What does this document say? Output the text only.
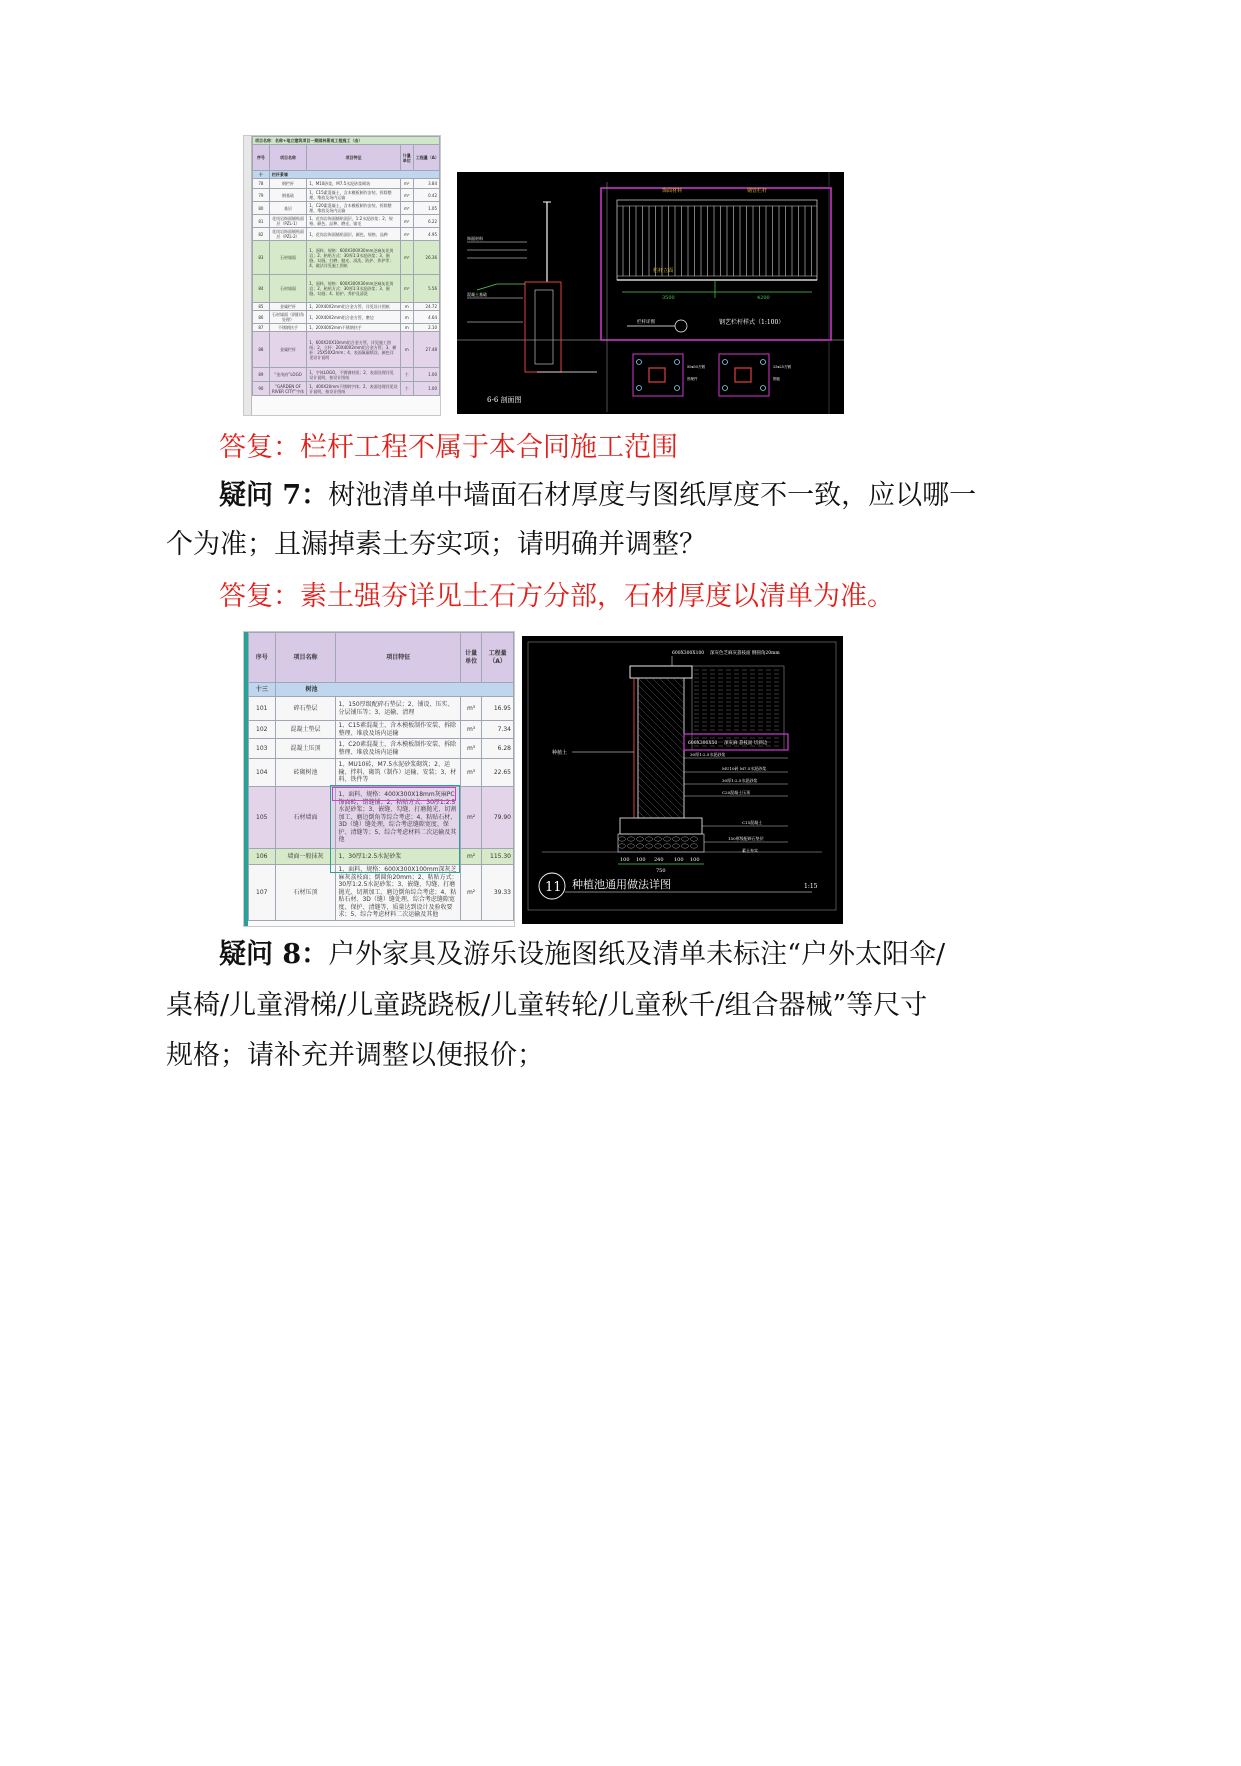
项目名称：名称+地立建筑项目一期园林景观工程施工（由）				
序号	项目名称	项目特征	计量单位	工程量（A）
十	栏杆景墙			
78	钢栏杆	1、M10砂浆，M7.5水泥砂浆砌筑	m²	3.84
79	钢基础	1、C15素混凝土，含木模板制作安装、拆除整理、堆放及场内运输	m³	0.42
80	基层	1、C20素混凝土，含木模板制作安装、拆除整理、堆放及场内运输	m³	1.05
81	花岗岩饰面铺贴面层（PZL-1）	1、花岗岩饰面铺贴面层，1:2水泥砂浆；2、规格、颜色、品种、磨光、锯毛	m²	6.22
82	花岗岩饰面铺贴面层（PZL-2）	1、花岗岩饰面铺贴面层，颜色、规格、品种	m²	4.95
83	石材墙面	1、面料、规格：600X300X30mm芝麻灰花岗岩；2、粘贴方式：30厚1:3水泥砂浆；3、嵌缝、勾缝、打磨、抛光、清洗、防护、养护等；4、做法详见施工图纸	m²	26.36
84	石材墙面	1、面料、规格：600X300X30mm芝麻灰花岗岩；2、粘贴方式：30厚1:3水泥砂浆；3、嵌缝、勾缝；4、防护、养护及清洗	m²	5.56
85	金属栏杆	1、20X40X2mm铝合金方管，详见设计图纸	m	24.72
86	石材墙面（阴阳角处理）	1、20X40X2mm铝合金方管，磨边	m	4.64
87	不锈钢扶手	1、20X40X2mm不锈钢扶手	m	2.10
88	金属栏杆	1、600X20X10mm铝合金方管，详见施工图纸；2、立杆：20X40X2mm铝合金方管；3、横杆：25X50X2mm；4、表面氟碳喷涂，颜色详见设计说明	m	27.48
89	“金茂府”LOGO	1、字体LOGO，不锈钢材质；2、表面处理详见设计说明，按设计图纸	个	1.00
90	“GARDEN OF RIVER CITY”字体	1、400X20mm不锈钢字体；2、表面处理详见设计说明，按设计图纸	个	1.00
3500	4200
饰面材料	钢管栏杆
栏杆立面
栏杆详图	钢艺栏杆样式（1:100）
饰面材料
混凝土基础
6-6 剖面图
50x50方钢	25x25方钢
预埋件	钢板
答复：栏杆工程不属于本合同施工范围
疑问 7：树池清单中墙面石材厚度与图纸厚度不一致，应以哪一
个为准；且漏掉素土夯实项；请明确并调整？
答复：素土强夯详见土石方分部，石材厚度以清单为准。
序号	项目名称	项目特征	计量单位	工程量（A）
十三	树池			
101	碎石垫层	1、150厚级配碎石垫层；2、铺设、压实、分层铺压等；3、运输、清理	m³	16.95
102	混凝土垫层	1、C15素混凝土，含木模板制作安装、拆除整理、堆放及场内运输	m³	7.34
103	混凝土压顶	1、C20素混凝土，含木模板制作安装、拆除整理、堆放及场内运输	m³	6.28
104	砖砌树池	1、MU10砖，M7.5水泥砂浆砌筑；2、运输、拌料、砌筑（制作）运输、安装；3、材料、铁件等	m³	22.65
105	石材墙面	1、面料、规格：400X300X18mm灰麻PC饰面砖，错缝铺；2、粘贴方式：30厚1:2.5水泥砂浆；3、嵌缝、勾缝、打磨抛光、切割加工、磨边倒角等综合考虑；4、粘贴石材、3D（缝）缝处理，综合考虑缝隙宽度、保护、清缝等；5、综合考虑材料二次运输及其他	m²	79.90
106	墙面一般抹灰	1、30厚1:2.5水泥砂浆	m²	115.30
107	石材压顶	1、面料、规格：600X300X100mm深灰芝麻灰荔枝面；倒圆角20mm；2、粘贴方式：30厚1:2.5水泥砂浆；3、嵌缝、勾缝、打磨抛光、切割加工、磨边倒角综合考虑；4、粘贴石材、3D（缝）缝处理，综合考虑缝隙宽度、保护、清缝等，质量达到设计及验收要求；5、综合考虑材料二次运输及其他	m²	39.33
100 100 240 100 100
750
600X300X100 深灰色芝麻灰荔枝面 倒圆角20mm
种植土
600X300X50 深灰麻 荔枝面 切斜边
30厚1:2.5水泥砂浆
MU10砖 M7.5水泥砂浆
30厚1:2.5水泥砂浆
C20混凝土压顶
C15混凝土
150厚级配碎石垫层
素土夯实
11 种植池通用做法详图	1:15
疑问 8：户外家具及游乐设施图纸及清单未标注“户外太阳伞/
桌椅/儿童滑梯/儿童跷跷板/儿童转轮/儿童秋千/组合器械”等尺寸
规格；请补充并调整以便报价；
